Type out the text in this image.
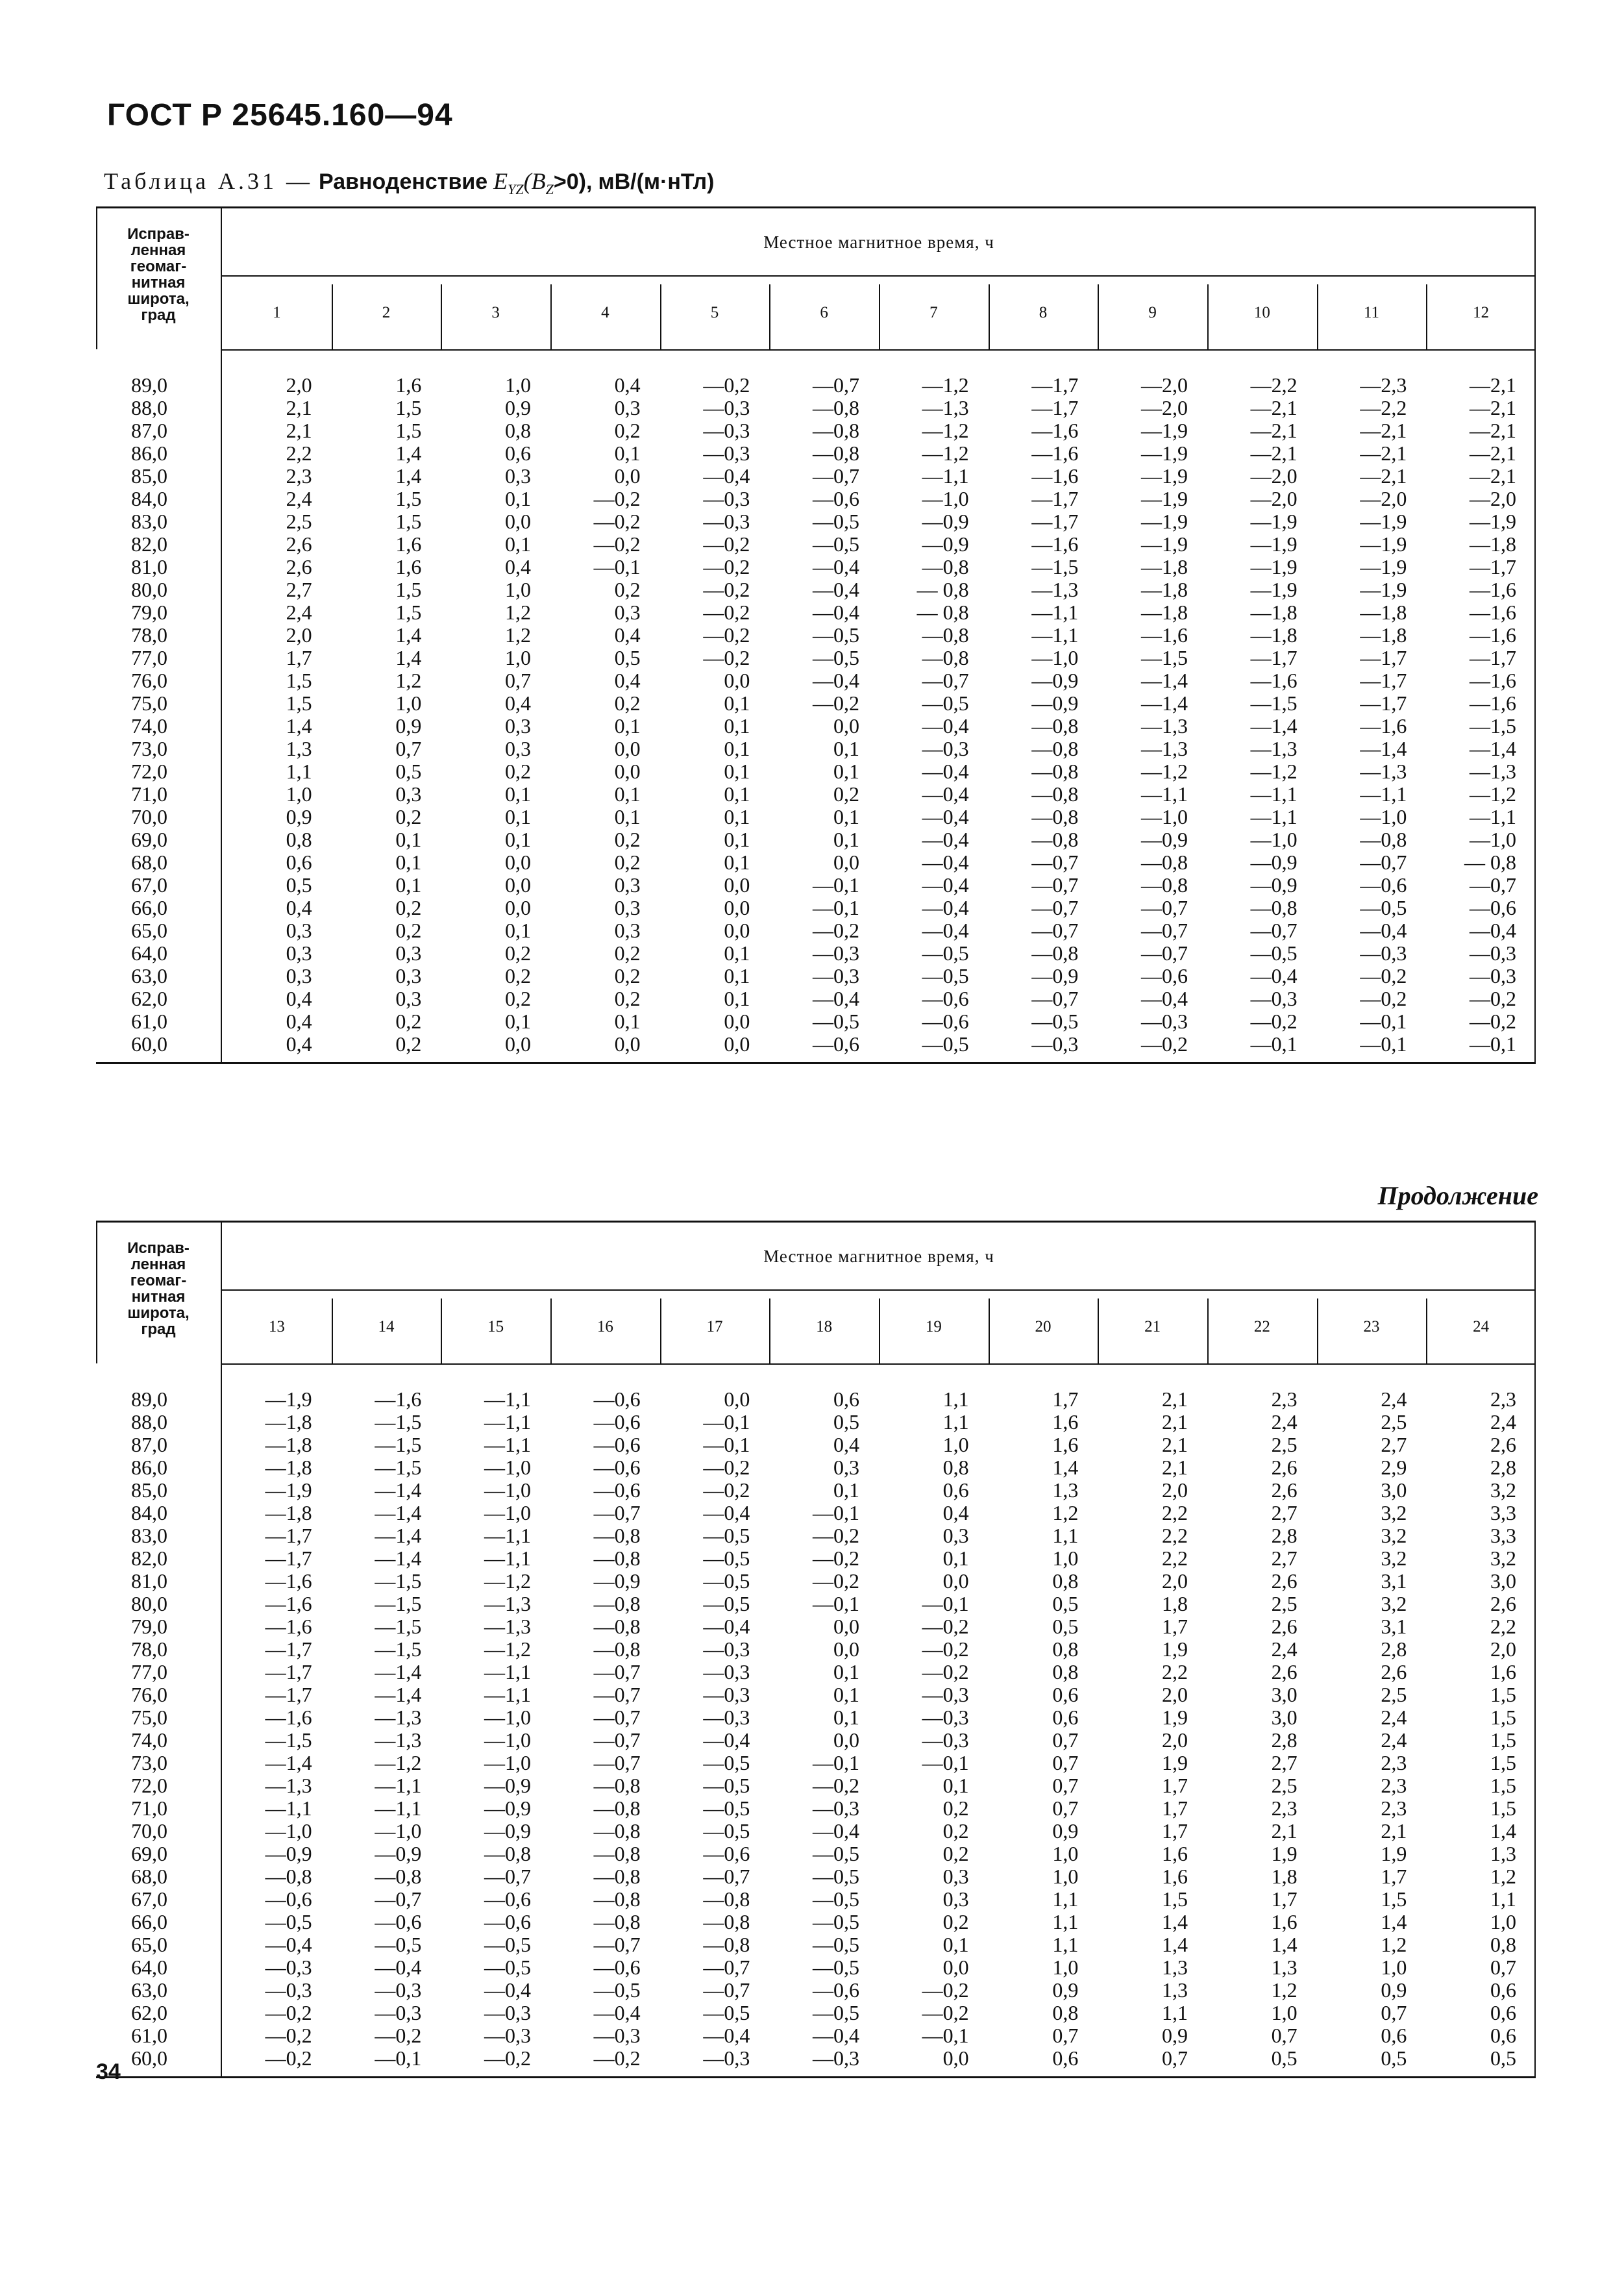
ГОСТ Р 25645.160—94
Таблица А.31 — Равноденствие $E_{YZ}(B_Z>0)$, мВ/(м·нТл)
Исправ-
ленная
геомаг-
нитная
широта,
град
Местное магнитное время, ч
1	2	3	4	5	6	7	8	9	10	11	12
89,0	2,0	1,6	1,0	0,4	—0,2	—0,7	—1,2	—1,7	—2,0	—2,2	—2,3	—2,1
88,0	2,1	1,5	0,9	0,3	—0,3	—0,8	—1,3	—1,7	—2,0	—2,1	—2,2	—2,1
87,0	2,1	1,5	0,8	0,2	—0,3	—0,8	—1,2	—1,6	—1,9	—2,1	—2,1	—2,1
86,0	2,2	1,4	0,6	0,1	—0,3	—0,8	—1,2	—1,6	—1,9	—2,1	—2,1	—2,1
85,0	2,3	1,4	0,3	0,0	—0,4	—0,7	—1,1	—1,6	—1,9	—2,0	—2,1	—2,1
84,0	2,4	1,5	0,1	—0,2	—0,3	—0,6	—1,0	—1,7	—1,9	—2,0	—2,0	—2,0
83,0	2,5	1,5	0,0	—0,2	—0,3	—0,5	—0,9	—1,7	—1,9	—1,9	—1,9	—1,9
82,0	2,6	1,6	0,1	—0,2	—0,2	—0,5	—0,9	—1,6	—1,9	—1,9	—1,9	—1,8
81,0	2,6	1,6	0,4	—0,1	—0,2	—0,4	—0,8	—1,5	—1,8	—1,9	—1,9	—1,7
80,0	2,7	1,5	1,0	0,2	—0,2	—0,4	— 0,8	—1,3	—1,8	—1,9	—1,9	—1,6
79,0	2,4	1,5	1,2	0,3	—0,2	—0,4	— 0,8	—1,1	—1,8	—1,8	—1,8	—1,6
78,0	2,0	1,4	1,2	0,4	—0,2	—0,5	—0,8	—1,1	—1,6	—1,8	—1,8	—1,6
77,0	1,7	1,4	1,0	0,5	—0,2	—0,5	—0,8	—1,0	—1,5	—1,7	—1,7	—1,7
76,0	1,5	1,2	0,7	0,4	0,0	—0,4	—0,7	—0,9	—1,4	—1,6	—1,7	—1,6
75,0	1,5	1,0	0,4	0,2	0,1	—0,2	—0,5	—0,9	—1,4	—1,5	—1,7	—1,6
74,0	1,4	0,9	0,3	0,1	0,1	0,0	—0,4	—0,8	—1,3	—1,4	—1,6	—1,5
73,0	1,3	0,7	0,3	0,0	0,1	0,1	—0,3	—0,8	—1,3	—1,3	—1,4	—1,4
72,0	1,1	0,5	0,2	0,0	0,1	0,1	—0,4	—0,8	—1,2	—1,2	—1,3	—1,3
71,0	1,0	0,3	0,1	0,1	0,1	0,2	—0,4	—0,8	—1,1	—1,1	—1,1	—1,2
70,0	0,9	0,2	0,1	0,1	0,1	0,1	—0,4	—0,8	—1,0	—1,1	—1,0	—1,1
69,0	0,8	0,1	0,1	0,2	0,1	0,1	—0,4	—0,8	—0,9	—1,0	—0,8	—1,0
68,0	0,6	0,1	0,0	0,2	0,1	0,0	—0,4	—0,7	—0,8	—0,9	—0,7	— 0,8
67,0	0,5	0,1	0,0	0,3	0,0	—0,1	—0,4	—0,7	—0,8	—0,9	—0,6	—0,7
66,0	0,4	0,2	0,0	0,3	0,0	—0,1	—0,4	—0,7	—0,7	—0,8	—0,5	—0,6
65,0	0,3	0,2	0,1	0,3	0,0	—0,2	—0,4	—0,7	—0,7	—0,7	—0,4	—0,4
64,0	0,3	0,3	0,2	0,2	0,1	—0,3	—0,5	—0,8	—0,7	—0,5	—0,3	—0,3
63,0	0,3	0,3	0,2	0,2	0,1	—0,3	—0,5	—0,9	—0,6	—0,4	—0,2	—0,3
62,0	0,4	0,3	0,2	0,2	0,1	—0,4	—0,6	—0,7	—0,4	—0,3	—0,2	—0,2
61,0	0,4	0,2	0,1	0,1	0,0	—0,5	—0,6	—0,5	—0,3	—0,2	—0,1	—0,2
60,0	0,4	0,2	0,0	0,0	0,0	—0,6	—0,5	—0,3	—0,2	—0,1	—0,1	—0,1
Продолжение
Исправ-
ленная
геомаг-
нитная
широта,
град
Местное магнитное время, ч
13	14	15	16	17	18	19	20	21	22	23	24
89,0	—1,9	—1,6	—1,1	—0,6	0,0	0,6	1,1	1,7	2,1	2,3	2,4	2,3
88,0	—1,8	—1,5	—1,1	—0,6	—0,1	0,5	1,1	1,6	2,1	2,4	2,5	2,4
87,0	—1,8	—1,5	—1,1	—0,6	—0,1	0,4	1,0	1,6	2,1	2,5	2,7	2,6
86,0	—1,8	—1,5	—1,0	—0,6	—0,2	0,3	0,8	1,4	2,1	2,6	2,9	2,8
85,0	—1,9	—1,4	—1,0	—0,6	—0,2	0,1	0,6	1,3	2,0	2,6	3,0	3,2
84,0	—1,8	—1,4	—1,0	—0,7	—0,4	—0,1	0,4	1,2	2,2	2,7	3,2	3,3
83,0	—1,7	—1,4	—1,1	—0,8	—0,5	—0,2	0,3	1,1	2,2	2,8	3,2	3,3
82,0	—1,7	—1,4	—1,1	—0,8	—0,5	—0,2	0,1	1,0	2,2	2,7	3,2	3,2
81,0	—1,6	—1,5	—1,2	—0,9	—0,5	—0,2	0,0	0,8	2,0	2,6	3,1	3,0
80,0	—1,6	—1,5	—1,3	—0,8	—0,5	—0,1	—0,1	0,5	1,8	2,5	3,2	2,6
79,0	—1,6	—1,5	—1,3	—0,8	—0,4	0,0	—0,2	0,5	1,7	2,6	3,1	2,2
78,0	—1,7	—1,5	—1,2	—0,8	—0,3	0,0	—0,2	0,8	1,9	2,4	2,8	2,0
77,0	—1,7	—1,4	—1,1	—0,7	—0,3	0,1	—0,2	0,8	2,2	2,6	2,6	1,6
76,0	—1,7	—1,4	—1,1	—0,7	—0,3	0,1	—0,3	0,6	2,0	3,0	2,5	1,5
75,0	—1,6	—1,3	—1,0	—0,7	—0,3	0,1	—0,3	0,6	1,9	3,0	2,4	1,5
74,0	—1,5	—1,3	—1,0	—0,7	—0,4	0,0	—0,3	0,7	2,0	2,8	2,4	1,5
73,0	—1,4	—1,2	—1,0	—0,7	—0,5	—0,1	—0,1	0,7	1,9	2,7	2,3	1,5
72,0	—1,3	—1,1	—0,9	—0,8	—0,5	—0,2	0,1	0,7	1,7	2,5	2,3	1,5
71,0	—1,1	—1,1	—0,9	—0,8	—0,5	—0,3	0,2	0,7	1,7	2,3	2,3	1,5
70,0	—1,0	—1,0	—0,9	—0,8	—0,5	—0,4	0,2	0,9	1,7	2,1	2,1	1,4
69,0	—0,9	—0,9	—0,8	—0,8	—0,6	—0,5	0,2	1,0	1,6	1,9	1,9	1,3
68,0	—0,8	—0,8	—0,7	—0,8	—0,7	—0,5	0,3	1,0	1,6	1,8	1,7	1,2
67,0	—0,6	—0,7	—0,6	—0,8	—0,8	—0,5	0,3	1,1	1,5	1,7	1,5	1,1
66,0	—0,5	—0,6	—0,6	—0,8	—0,8	—0,5	0,2	1,1	1,4	1,6	1,4	1,0
65,0	—0,4	—0,5	—0,5	—0,7	—0,8	—0,5	0,1	1,1	1,4	1,4	1,2	0,8
64,0	—0,3	—0,4	—0,5	—0,6	—0,7	—0,5	0,0	1,0	1,3	1,3	1,0	0,7
63,0	—0,3	—0,3	—0,4	—0,5	—0,7	—0,6	—0,2	0,9	1,3	1,2	0,9	0,6
62,0	—0,2	—0,3	—0,3	—0,4	—0,5	—0,5	—0,2	0,8	1,1	1,0	0,7	0,6
61,0	—0,2	—0,2	—0,3	—0,3	—0,4	—0,4	—0,1	0,7	0,9	0,7	0,6	0,6
60,0	—0,2	—0,1	—0,2	—0,2	—0,3	—0,3	0,0	0,6	0,7	0,5	0,5	0,5
34
